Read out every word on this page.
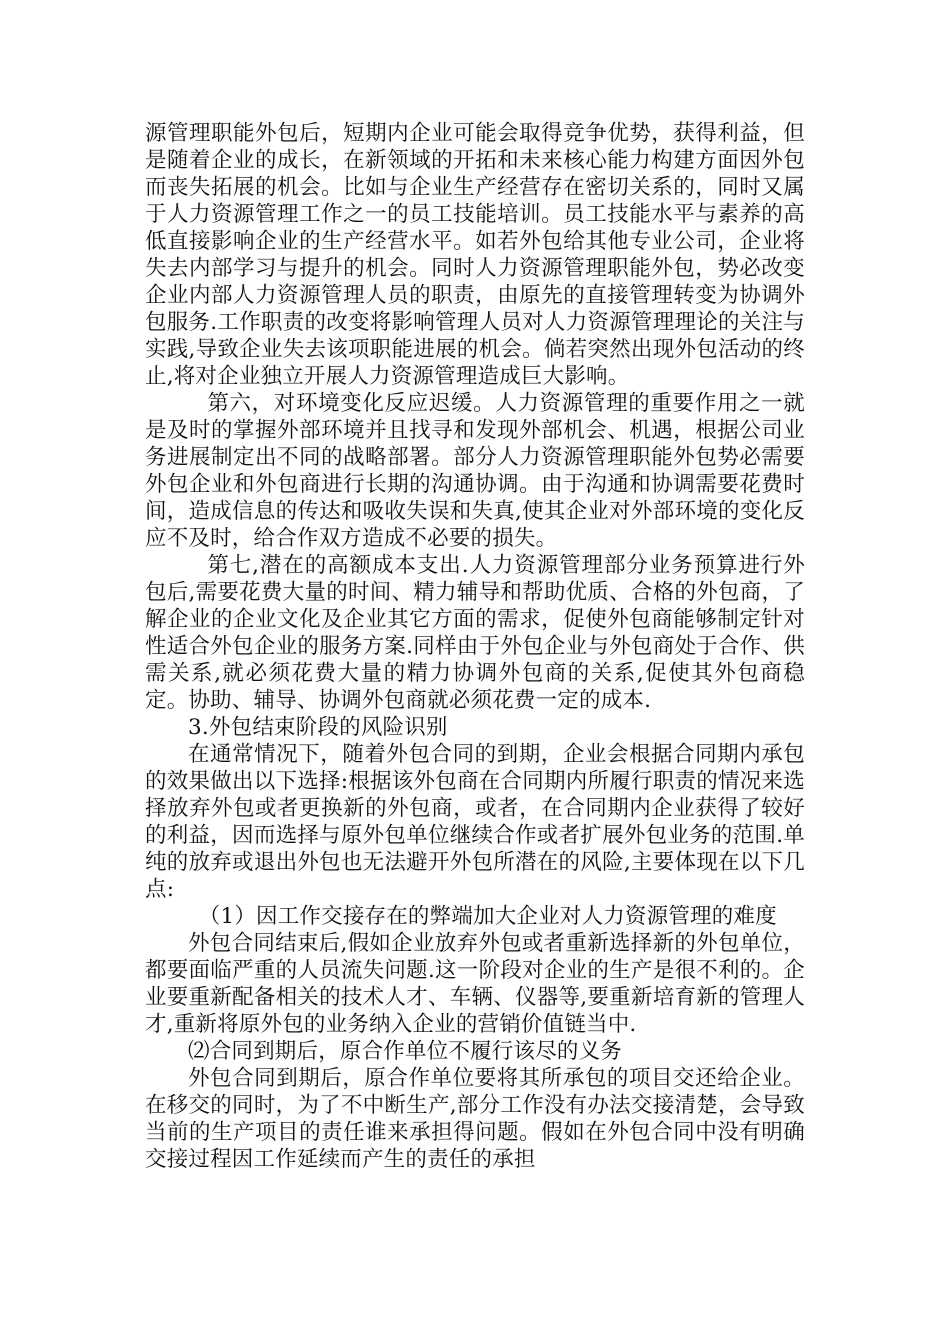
源管理职能外包后，短期内企业可能会取得竞争优势，获得利益，但是随着企业的成长，在新领域的开拓和未来核心能力构建方面因外包而丧失拓展的机会。比如与企业生产经营存在密切关系的，同时又属于人力资源管理工作之一的员工技能培训。员工技能水平与素养的高低直接影响企业的生产经营水平。如若外包给其他专业公司，企业将失去内部学习与提升的机会。同时人力资源管理职能外包，势必改变企业内部人力资源管理人员的职责，由原先的直接管理转变为协调外包服务.工作职责的改变将影响管理人员对人力资源管理理论的关注与实践,导致企业失去该项职能进展的机会。倘若突然出现外包活动的终止,将对企业独立开展人力资源管理造成巨大影响。

第六，对环境变化反应迟缓。人力资源管理的重要作用之一就是及时的掌握外部环境并且找寻和发现外部机会、机遇，根据公司业务进展制定出不同的战略部署。部分人力资源管理职能外包势必需要外包企业和外包商进行长期的沟通协调。由于沟通和协调需要花费时间，造成信息的传达和吸收失误和失真,使其企业对外部环境的变化反应不及时，给合作双方造成不必要的损失。

第七,潜在的高额成本支出.人力资源管理部分业务预算进行外包后,需要花费大量的时间、精力辅导和帮助优质、合格的外包商，了解企业的企业文化及企业其它方面的需求，促使外包商能够制定针对性适合外包企业的服务方案.同样由于外包企业与外包商处于合作、供需关系,就必须花费大量的精力协调外包商的关系,促使其外包商稳定。协助、辅导、协调外包商就必须花费一定的成本.

3.外包结束阶段的风险识别

在通常情况下，随着外包合同的到期，企业会根据合同期内承包的效果做出以下选择:根据该外包商在合同期内所履行职责的情况来选择放弃外包或者更换新的外包商，或者，在合同期内企业获得了较好的利益，因而选择与原外包单位继续合作或者扩展外包业务的范围.单纯的放弃或退出外包也无法避开外包所潜在的风险,主要体现在以下几点:

（1）因工作交接存在的弊端加大企业对人力资源管理的难度

外包合同结束后,假如企业放弃外包或者重新选择新的外包单位，都要面临严重的人员流失问题.这一阶段对企业的生产是很不利的。企业要重新配备相关的技术人才、车辆、仪器等,要重新培育新的管理人才,重新将原外包的业务纳入企业的营销价值链当中.

⑵合同到期后，原合作单位不履行该尽的义务

外包合同到期后，原合作单位要将其所承包的项目交还给企业。在移交的同时，为了不中断生产,部分工作没有办法交接清楚，会导致当前的生产项目的责任谁来承担得问题。假如在外包合同中没有明确交接过程因工作延续而产生的责任的承担
